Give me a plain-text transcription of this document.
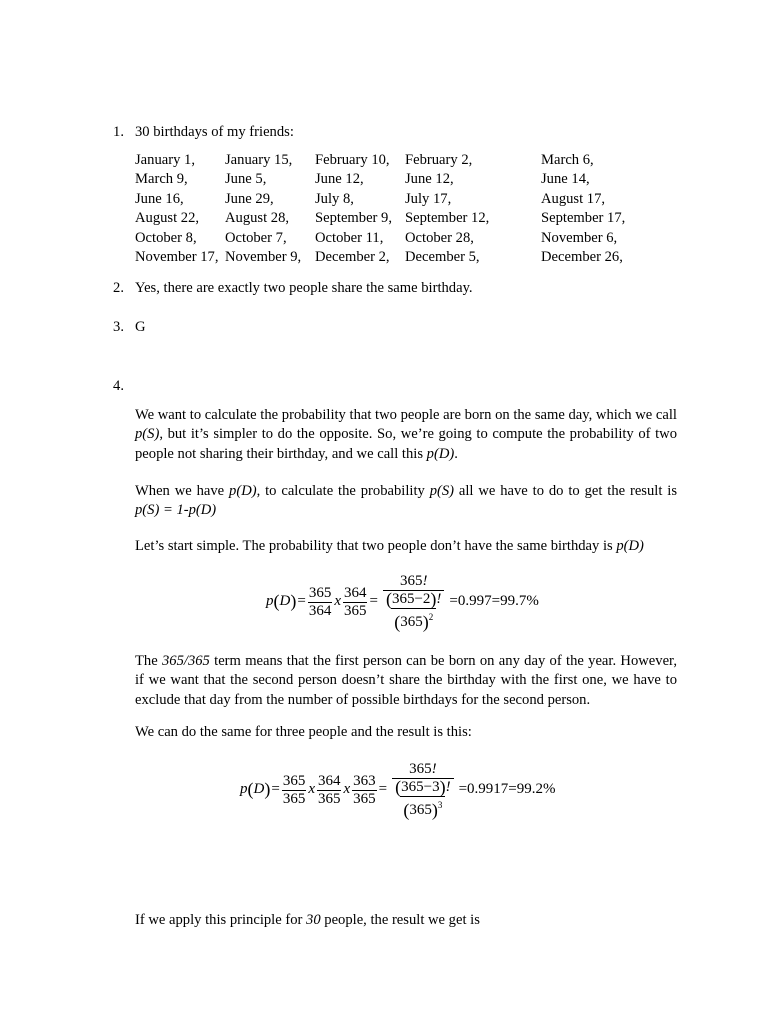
1. 30 birthdays of my friends:
January 1,	January 15,	February 10,	February 2,	March 6,
March 9,	June 5,	June 12,	June 12,	June 14,
June 16,	June 29,	July 8,	July 17,	August 17,
August 22,	August 28,	September 9, September 12,	September 17,
October 8,	October 7,	October 11,	October 28,	November 6,
November 17, November 9, December 2,	December 5,	December 26,
2. Yes, there are exactly two people share the same birthday.
3. G
4.
We want to calculate the probability that two people are born on the same day, which we call p(S), but it’s simpler to do the opposite. So, we’re going to compute the probability of two people not sharing their birthday, and we call this p(D).
When we have p(D), to calculate the probability p(S) all we have to do to get the result is p(S) = 1-p(D)
Let’s start simple. The probability that two people don’t have the same birthday is p(D)
p ( D ) = $\frac{365}{364}$ x $\frac{364}{365} = \frac{\frac{365!}{(365-2)!}}{(365)^2} =0.997=99.7\%$
The 365/365 term means that the first person can be born on any day of the year. However, if we want that the second person doesn’t share the birthday with the first one, we have to exclude that day from the number of possible birthdays for the second person.
We can do the same for three people and the result is this:
p ( D ) = $\frac{365}{365}$ x $\frac{364}{365}$ x $\frac{363}{365} = \frac{\frac{365!}{(365-3)!}}{(365)^3} =0.9917=99.2\%$
If we apply this principle for 30 people, the result we get is
